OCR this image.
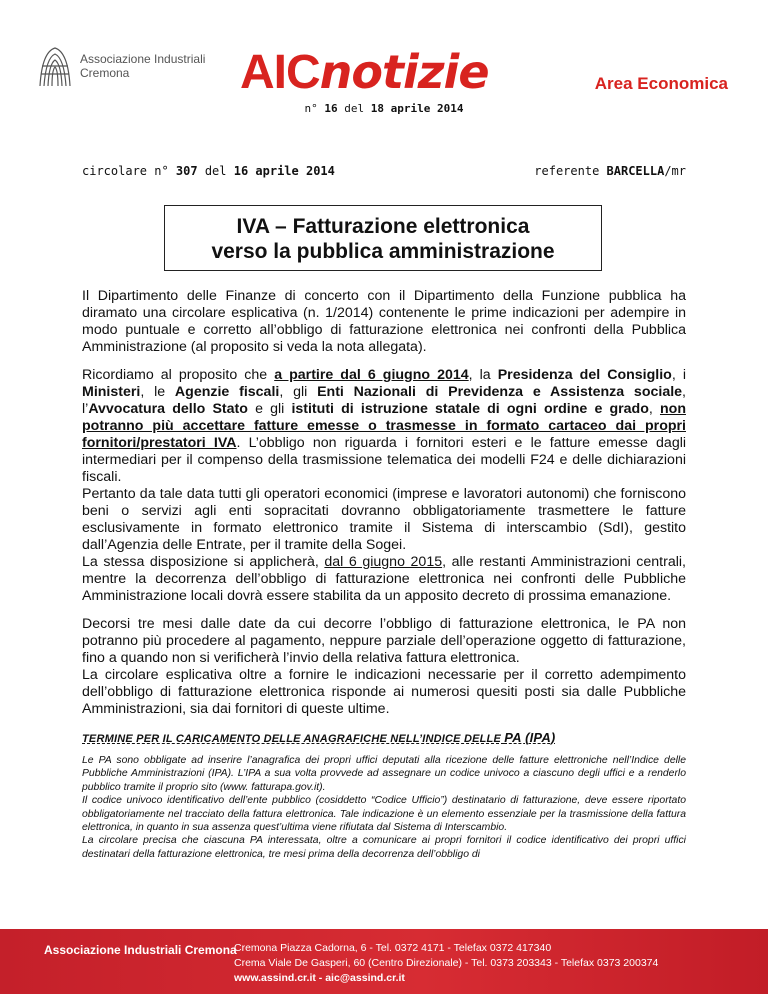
Associazione Industriali
Cremona	AICnotizie	Area Economica
n° 16 del 18 aprile 2014
circolare n° 307 del 16 aprile 2014	referente BARCELLA/mr
IVA – Fatturazione elettronica
verso la pubblica amministrazione

Il Dipartimento delle Finanze di concerto con il Dipartimento della Funzione pubblica ha diramato una circolare esplicativa (n. 1/2014) contenente le prime indicazioni per adempire in modo puntuale e corretto all’obbligo di fatturazione elettronica nei confronti della Pubblica Amministrazione (al proposito si veda la nota allegata).

Ricordiamo al proposito che a partire dal 6 giugno 2014, la Presidenza del Consiglio, i Ministeri, le Agenzie fiscali, gli Enti Nazionali di Previdenza e Assistenza sociale, l’Avvocatura dello Stato e gli istituti di istruzione statale di ogni ordine e grado, non potranno più accettare fatture emesse o trasmesse in formato cartaceo dai propri fornitori/prestatori IVA. L’obbligo non riguarda i fornitori esteri e le fatture emesse dagli intermediari per il compenso della trasmissione telematica dei modelli F24 e delle dichiarazioni fiscali.

Pertanto da tale data tutti gli operatori economici (imprese e lavoratori autonomi) che forniscono beni o servizi agli enti sopracitati dovranno obbligatoriamente trasmettere le fatture esclusivamente in formato elettronico tramite il Sistema di interscambio (SdI), gestito dall’Agenzia delle Entrate, per il tramite della Sogei.

La stessa disposizione si applicherà, dal 6 giugno 2015, alle restanti Amministrazioni centrali, mentre la decorrenza dell’obbligo di fatturazione elettronica nei confronti delle Pubbliche Amministrazione locali dovrà essere stabilita da un apposito decreto di prossima emanazione.

Decorsi tre mesi dalle date da cui decorre l’obbligo di fatturazione elettronica, le PA non potranno più procedere al pagamento, neppure parziale dell’operazione oggetto di fatturazione, fino a quando non si verificherà l’invio della relativa fattura elettronica.

La circolare esplicativa oltre a fornire le indicazioni necessarie per il corretto adempimento dell’obbligo di fatturazione elettronica risponde ai numerosi quesiti posti sia dalle Pubbliche Amministrazioni, sia dai fornitori di queste ultime.

TERMINE PER IL CARICAMENTO DELLE ANAGRAFICHE NELL’INDICE DELLE PA (IPA)

Le PA sono obbligate ad inserire l’anagrafica dei propri uffici deputati alla ricezione delle fatture elettroniche nell’Indice delle Pubbliche Amministrazioni (IPA). L’IPA a sua volta provvede ad assegnare un codice univoco a ciascuno degli uffici e a renderlo pubblico tramite il proprio sito (www. fatturapa.gov.it).

Il codice univoco identificativo dell’ente pubblico (cosiddetto “Codice Ufficio”) destinatario di fatturazione, deve essere riportato obbligatoriamente nel tracciato della fattura elettronica. Tale indicazione è un elemento essenziale per la trasmissione della fattura elettronica, in quanto in sua assenza quest’ultima viene rifiutata dal Sistema di Interscambio.

La circolare precisa che ciascuna PA interessata, oltre a comunicare ai propri fornitori il codice identificativo dei propri uffici destinatari della fatturazione elettronica, tre mesi prima della decorrenza dell’obbligo di

Associazione Industriali Cremona
Cremona Piazza Cadorna, 6 - Tel. 0372 4171 - Telefax 0372 417340
Crema Viale De Gasperi, 60 (Centro Direzionale) - Tel. 0373 203343 - Telefax 0373 200374
www.assind.cr.it - aic@assind.cr.it
